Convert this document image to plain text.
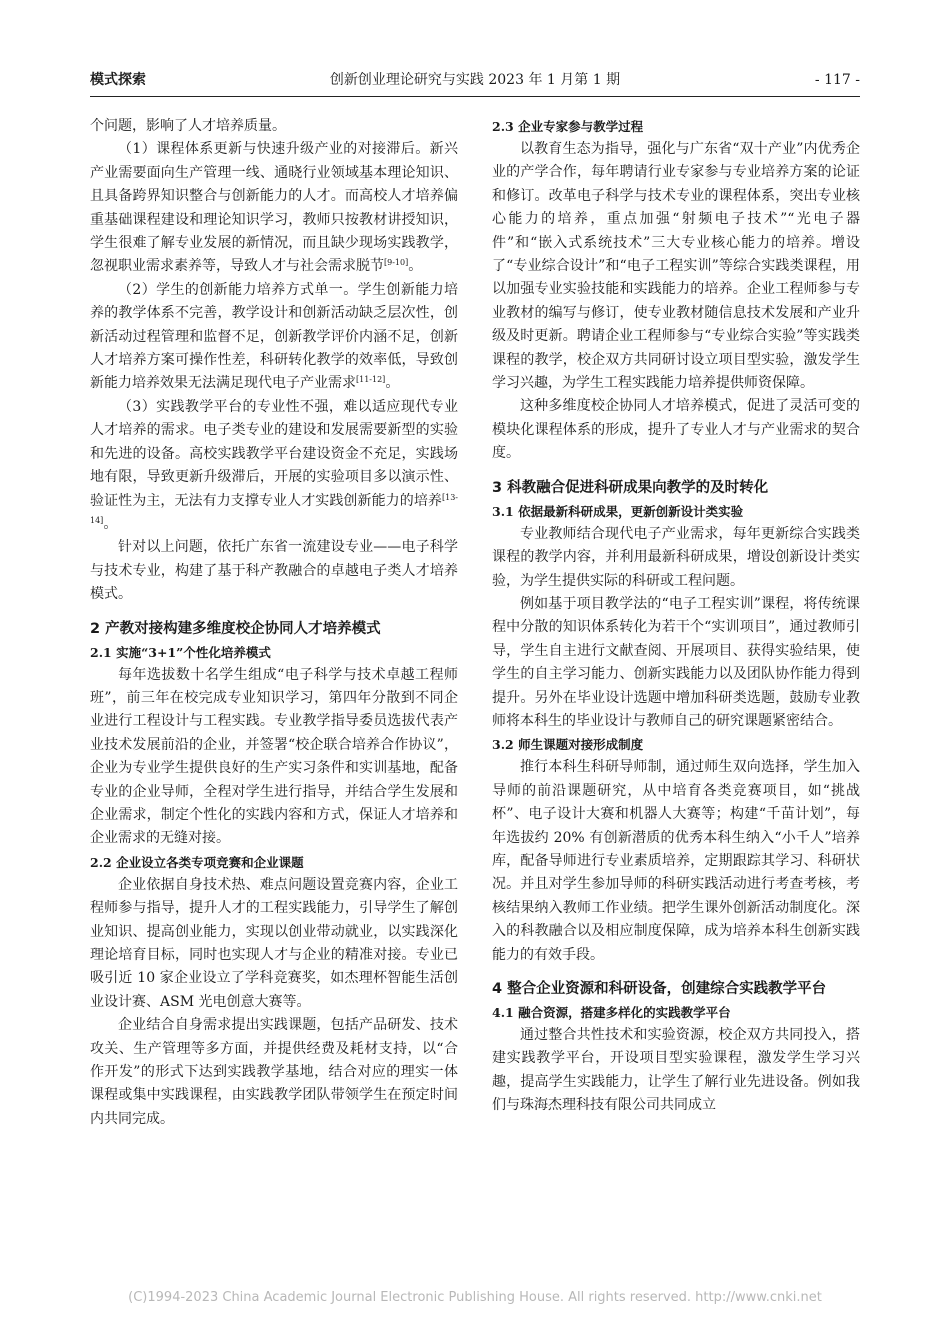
模式探索	创新创业理论研究与实践 2023 年 1 月第 1 期	- 117 -

个问题，影响了人才培养质量。

（1）课程体系更新与快速升级产业的对接滞后。新兴产业需要面向生产管理一线、通晓行业领域基本理论知识、且具备跨界知识整合与创新能力的人才。而高校人才培养偏重基础课程建设和理论知识学习，教师只按教材讲授知识，学生很难了解专业发展的新情况，而且缺少现场实践教学，忽视职业需求素养等，导致人才与社会需求脱节[9-10]。

（2）学生的创新能力培养方式单一。学生创新能力培养的教学体系不完善，教学设计和创新活动缺乏层次性，创新活动过程管理和监督不足，创新教学评价内涵不足，创新人才培养方案可操作性差，科研转化教学的效率低，导致创新能力培养效果无法满足现代电子产业需求[11-12]。

（3）实践教学平台的专业性不强，难以适应现代专业人才培养的需求。电子类专业的建设和发展需要新型的实验和先进的设备。高校实践教学平台建设资金不充足，实践场地有限，导致更新升级滞后，开展的实验项目多以演示性、验证性为主，无法有力支撑专业人才实践创新能力的培养[13-14]。

针对以上问题，依托广东省一流建设专业——电子科学与技术专业，构建了基于科产教融合的卓越电子类人才培养模式。

2 产教对接构建多维度校企协同人才培养模式
2.1 实施“3+1”个性化培养模式

每年选拔数十名学生组成“电子科学与技术卓越工程师班”，前三年在校完成专业知识学习，第四年分散到不同企业进行工程设计与工程实践。专业教学指导委员选拔代表产业技术发展前沿的企业，并签署“校企联合培养合作协议”，企业为专业学生提供良好的生产实习条件和实训基地，配备专业的企业导师，全程对学生进行指导，并结合学生发展和企业需求，制定个性化的实践内容和方式，保证人才培养和企业需求的无缝对接。

2.2 企业设立各类专项竞赛和企业课题

企业依据自身技术热、难点问题设置竞赛内容，企业工程师参与指导，提升人才的工程实践能力，引导学生了解创业知识、提高创业能力，实现以创业带动就业，以实践深化理论培育目标，同时也实现人才与企业的精准对接。专业已吸引近 10 家企业设立了学科竞赛奖，如杰理杯智能生活创业设计赛、ASM 光电创意大赛等。

企业结合自身需求提出实践课题，包括产品研发、技术攻关、生产管理等多方面，并提供经费及耗材支持，以“合作开发”的形式下达到实践教学基地，结合对应的理实一体课程或集中实践课程，由实践教学团队带领学生在预定时间内共同完成。

2.3 企业专家参与教学过程

以教育生态为指导，强化与广东省“双十产业”内优秀企业的产学合作，每年聘请行业专家参与专业培养方案的论证和修订。改革电子科学与技术专业的课程体系，突出专业核心能力的培养，重点加强“射频电子技术”“光电子器件”和“嵌入式系统技术”三大专业核心能力的培养。增设了“专业综合设计”和“电子工程实训”等综合实践类课程，用以加强专业实验技能和实践能力的培养。企业工程师参与专业教材的编写与修订，使专业教材随信息技术发展和产业升级及时更新。聘请企业工程师参与“专业综合实验”等实践类课程的教学，校企双方共同研讨设立项目型实验，激发学生学习兴趣，为学生工程实践能力培养提供师资保障。

这种多维度校企协同人才培养模式，促进了灵活可变的模块化课程体系的形成，提升了专业人才与产业需求的契合度。

3 科教融合促进科研成果向教学的及时转化
3.1 依据最新科研成果，更新创新设计类实验

专业教师结合现代电子产业需求，每年更新综合实践类课程的教学内容，并利用最新科研成果，增设创新设计类实验，为学生提供实际的科研或工程问题。

例如基于项目教学法的“电子工程实训”课程，将传统课程中分散的知识体系转化为若干个“实训项目”，通过教师引导，学生自主进行文献查阅、开展项目、获得实验结果，使学生的自主学习能力、创新实践能力以及团队协作能力得到提升。另外在毕业设计选题中增加科研类选题，鼓励专业教师将本科生的毕业设计与教师自己的研究课题紧密结合。

3.2 师生课题对接形成制度

推行本科生科研导师制，通过师生双向选择，学生加入导师的前沿课题研究，从中培育各类竞赛项目，如“挑战杯”、电子设计大赛和机器人大赛等；构建“千苗计划”，每年选拔约 20% 有创新潜质的优秀本科生纳入“小千人”培养库，配备导师进行专业素质培养，定期跟踪其学习、科研状况。并且对学生参加导师的科研实践活动进行考查考核，考核结果纳入教师工作业绩。把学生课外创新活动制度化。深入的科教融合以及相应制度保障，成为培养本科生创新实践能力的有效手段。

4 整合企业资源和科研设备，创建综合实践教学平台
4.1 融合资源，搭建多样化的实践教学平台

通过整合共性技术和实验资源，校企双方共同投入，搭建实践教学平台，开设项目型实验课程，激发学生学习兴趣，提高学生实践能力，让学生了解行业先进设备。例如我们与珠海杰理科技有限公司共同成立

(C)1994-2023 China Academic Journal Electronic Publishing House. All rights reserved. http://www.cnki.net
